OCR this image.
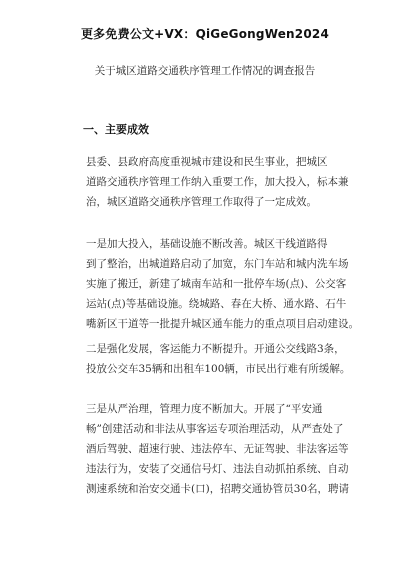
更多免费公文+VX：QiGeGongWen2024
关于城区道路交通秩序管理工作情况的调查报告
一、主要成效
县委、县政府高度重视城市建设和民生事业，把城区
道路交通秩序管理工作纳入重要工作，加大投入，标本兼
治，城区道路交通秩序管理工作取得了一定成效。
一是加大投入，基础设施不断改善。城区干线道路得
到了整治，出城道路启动了加宽，东门车站和城内洗车场
实施了搬迁，新建了城南车站和一批停车场(点)、公交客
运站(点)等基础设施。绕城路、春在大桥、通水路、石牛
嘴新区干道等一批提升城区通车能力的重点项目启动建设。
二是强化发展，客运能力不断提升。开通公交线路3条，
投放公交车35辆和出租车100辆，市民出行难有所缓解。
三是从严治理，管理力度不断加大。开展了“平安通
畅”创建活动和非法从事客运专项治理活动，从严查处了
酒后驾驶、超速行驶、违法停车、无证驾驶、非法客运等
违法行为，安装了交通信号灯、违法自动抓拍系统、自动
测速系统和治安交通卡(口)，招聘交通协管员30名，聘请
